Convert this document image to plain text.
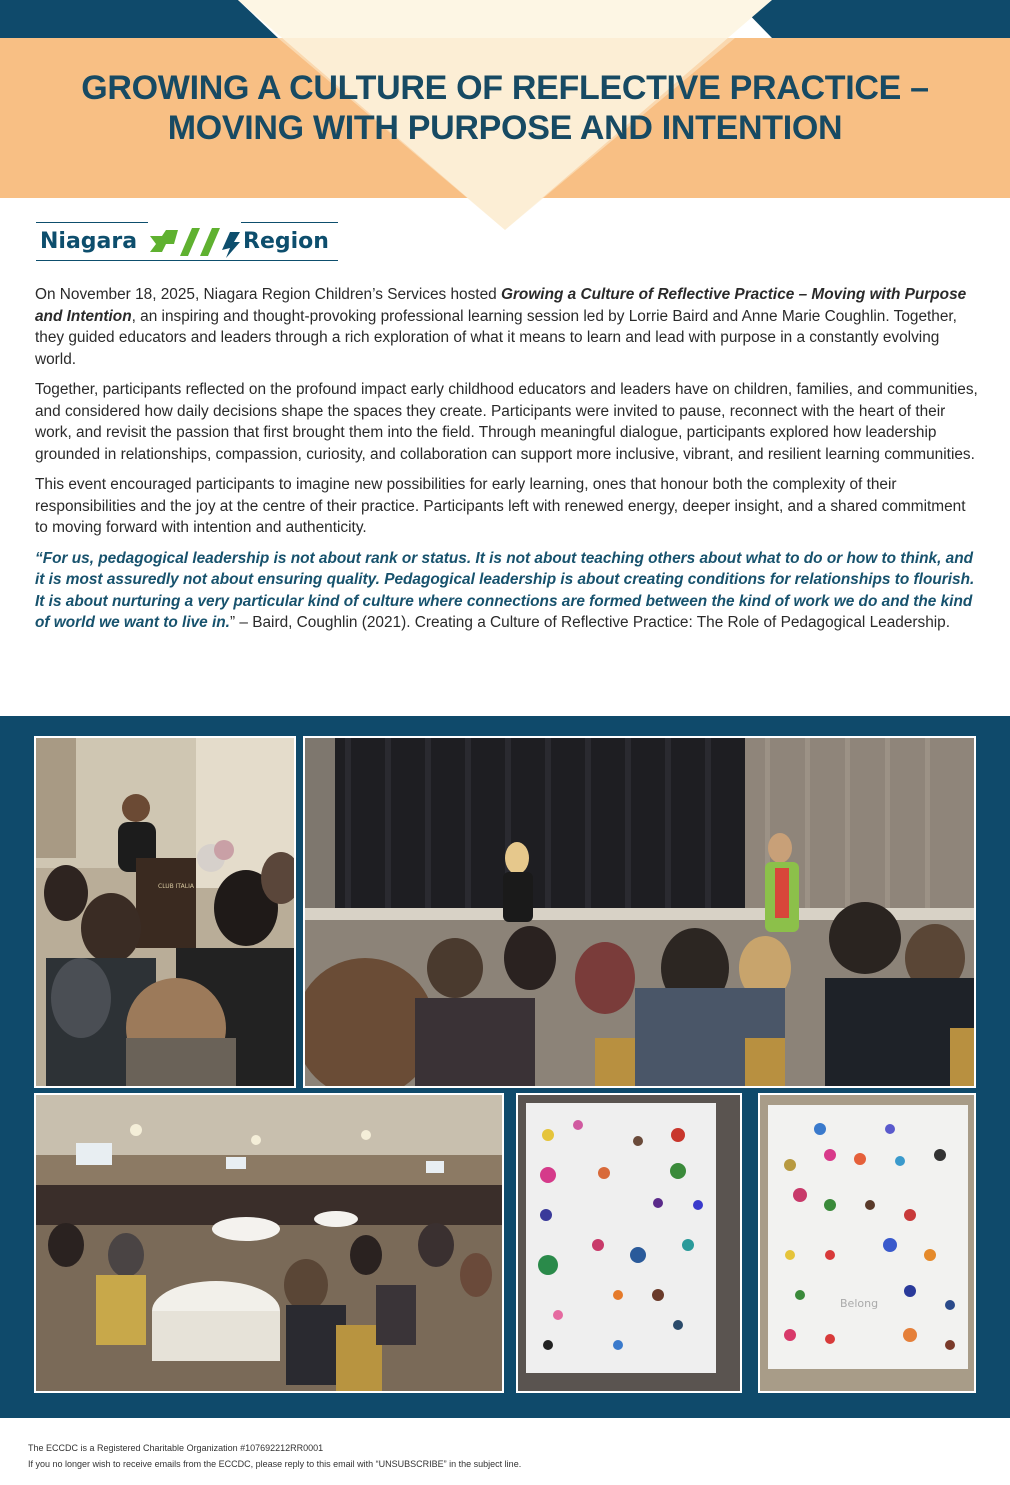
GROWING A CULTURE OF REFLECTIVE PRACTICE –
MOVING WITH PURPOSE AND INTENTION
Niagara	Region

On November 18, 2025, Niagara Region Children’s Services hosted Growing a Culture of Reflective Practice – Moving with Purpose and Intention, an inspiring and thought-provoking professional learning session led by Lorrie Baird and Anne Marie Coughlin. Together, they guided educators and leaders through a rich exploration of what it means to learn and lead with purpose in a constantly evolving world.

Together, participants reflected on the profound impact early childhood educators and leaders have on children, families, and communities, and considered how daily decisions shape the spaces they create. Participants were invited to pause, reconnect with the heart of their work, and revisit the passion that first brought them into the field. Through meaningful dialogue, participants explored how leadership grounded in relationships, compassion, curiosity, and collaboration can support more inclusive, vibrant, and resilient learning communities.

This event encouraged participants to imagine new possibilities for early learning, ones that honour both the complexity of their responsibilities and the joy at the centre of their practice. Participants left with renewed energy, deeper insight, and a shared commitment to moving forward with intention and authenticity.

“For us, pedagogical leadership is not about rank or status. It is not about teaching others about what to do or how to think, and it is most assuredly not about ensuring quality. Pedagogical leadership is about creating conditions for relationships to flourish. It is about nurturing a very particular kind of culture where connections are formed between the kind of work we do and the kind of world we want to live in.” – Baird, Coughlin (2021). Creating a Culture of Reflective Practice: The Role of Pedagogical Leadership.

CLUB ITALIA
Belong
The ECCDC is a Registered Charitable Organization #107692212RR0001
If you no longer wish to receive emails from the ECCDC, please reply to this email with “UNSUBSCRIBE” in the subject line.
